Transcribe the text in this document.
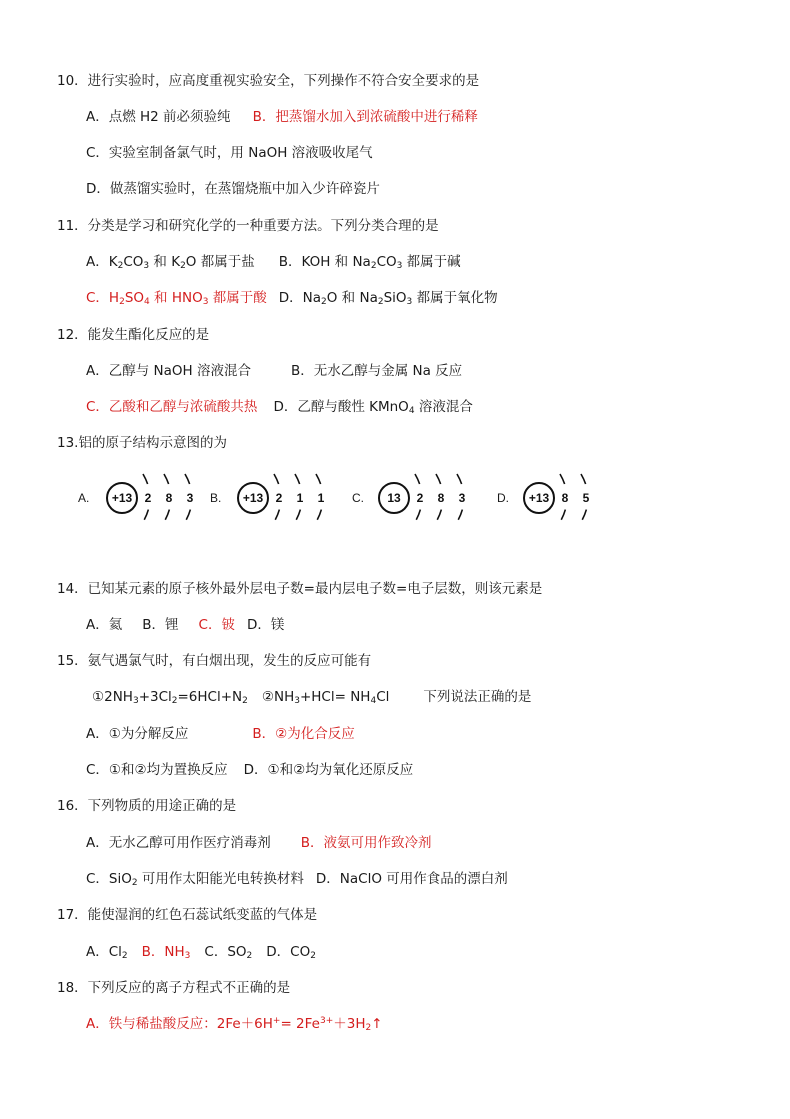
10．进行实验时，应高度重视实验安全，下列操作不符合安全要求的是
A．点燃 H2 前必须验纯 B．把蒸馏水加入到浓硫酸中进行稀释
C．实验室制备氯气时，用 NaOH 溶液吸收尾气
D．做蒸馏实验时，在蒸馏烧瓶中加入少许碎瓷片
11．分类是学习和研究化学的一种重要方法。下列分类合理的是
A．$K_2CO_3$ 和 $K_2O$ 都属于盐 B．KOH 和 $Na_2CO_3$ 都属于碱
C．$H_2SO_4$ 和 $HNO_3$ 都属于酸 D．$Na_2O$ 和 $Na_2SiO_3$ 都属于氧化物
12．能发生酯化反应的是
A．乙醇与 NaOH 溶液混合	B．无水乙醇与金属 Na 反应
C．乙酸和乙醇与浓硫酸共热 D．乙醇与酸性 KMnO$_4$ 溶液混合
13.铝的原子结构示意图的为
A. +13 2 8 3 B. +13 2 1 1 C. 13 2 8 3	D. +13 8 5
14．已知某元素的原子核外最外层电子数=最内层电子数=电子层数，则该元素是
A．氦 B．锂 C．铍 D．镁
15．氨气遇氯气时，有白烟出现，发生的反应可能有
$①2NH_3+3Cl_2=6HCl+N_2$ $②NH_3+HCl= NH_4Cl$	下列说法正确的是
A．①为分解反应	B．②为化合反应
C．①和②均为置换反应 D．①和②均为氧化还原反应
16．下列物质的用途正确的是
A．无水乙醇可用作医疗消毒剂 B．液氨可用作致冷剂
C．SiO$_2$ 可用作太阳能光电转换材料 D．NaClO 可用作食品的漂白剂
17．能使湿润的红色石蕊试纸变蓝的气体是
A．$Cl_2$ B．$NH_3$ C．$SO_2$ D．$CO_2$
18．下列反应的离子方程式不正确的是
A．铁与稀盐酸反应：$2Fe+6H^+= 2Fe^{3+}+3H_2↑$
